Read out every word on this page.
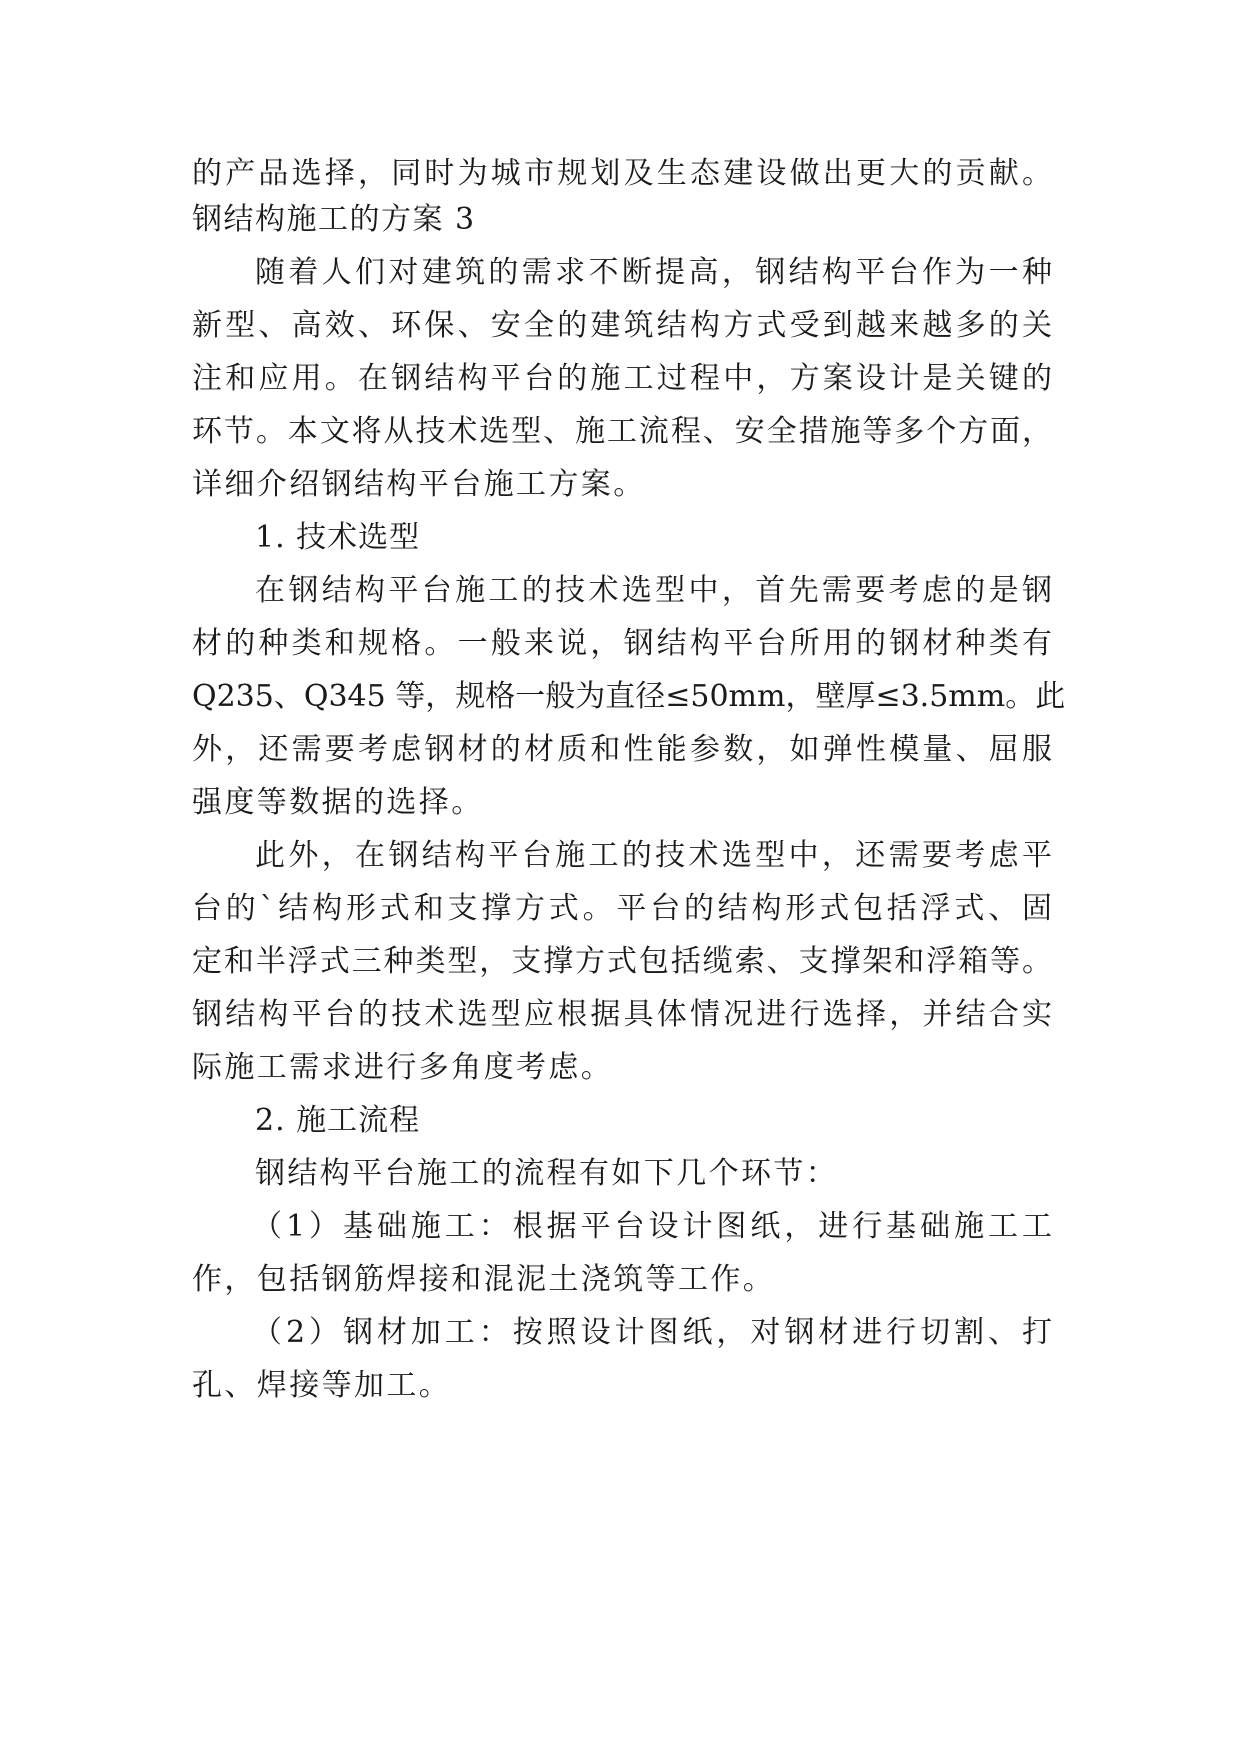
的产品选择，同时为城市规划及生态建设做出更大的贡献。
钢结构施工的方案 3
随着人们对建筑的需求不断提高，钢结构平台作为一种
新型、高效、环保、安全的建筑结构方式受到越来越多的关
注和应用。在钢结构平台的施工过程中，方案设计是关键的
环节。本文将从技术选型、施工流程、安全措施等多个方面，
详细介绍钢结构平台施工方案。
1. 技术选型
在钢结构平台施工的技术选型中，首先需要考虑的是钢
材的种类和规格。一般来说，钢结构平台所用的钢材种类有
Q235、Q345 等，规格一般为直径≤50mm，壁厚≤3.5mm。此
外，还需要考虑钢材的材质和性能参数，如弹性模量、屈服
强度等数据的选择。
此外，在钢结构平台施工的技术选型中，还需要考虑平
台的`结构形式和支撑方式。平台的结构形式包括浮式、固
定和半浮式三种类型，支撑方式包括缆索、支撑架和浮箱等。
钢结构平台的技术选型应根据具体情况进行选择，并结合实
际施工需求进行多角度考虑。
2. 施工流程
钢结构平台施工的流程有如下几个环节：
（1）基础施工：根据平台设计图纸，进行基础施工工
作，包括钢筋焊接和混泥土浇筑等工作。
（2）钢材加工：按照设计图纸，对钢材进行切割、打
孔、焊接等加工。
